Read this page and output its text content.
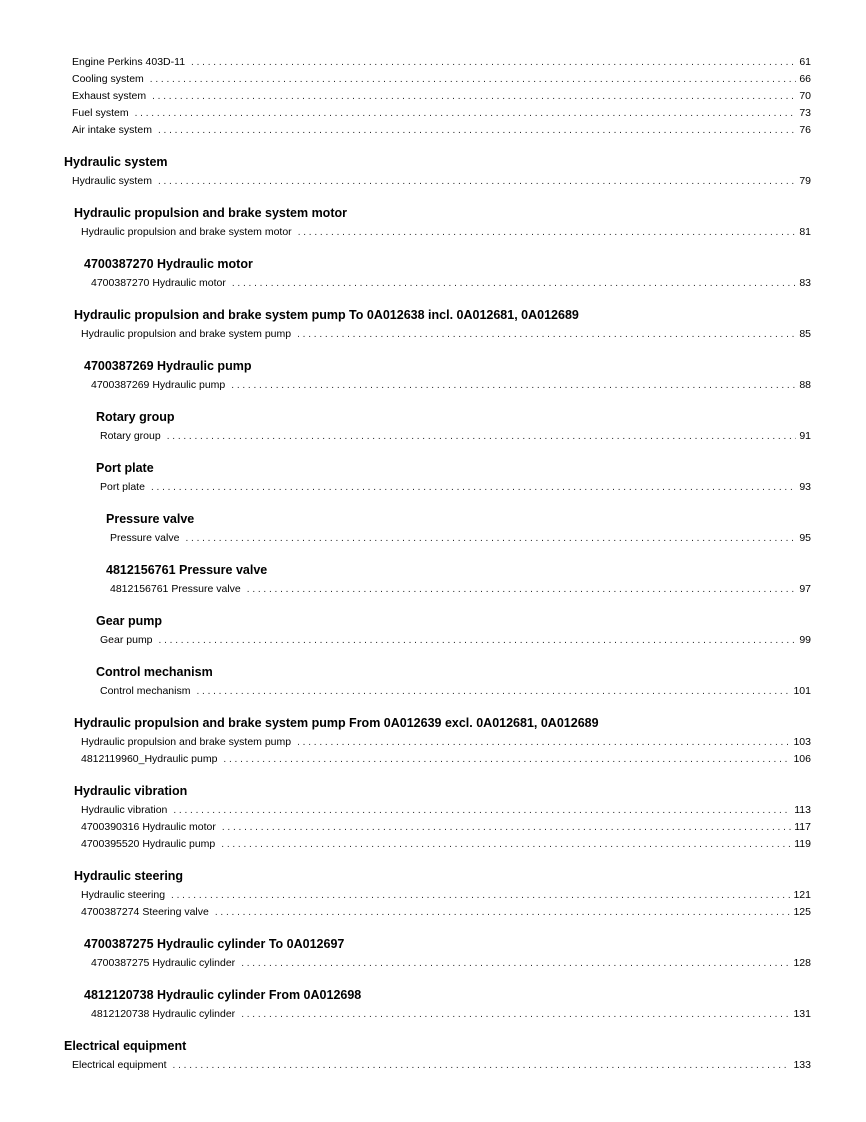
Engine Perkins 403D-11 . . .	61
Cooling system . . .	66
Exhaust system . . .	70
Fuel system . . .	73
Air intake system . . .	76
Hydraulic system
Hydraulic system . . .	79
Hydraulic propulsion and brake system motor
Hydraulic propulsion and brake system motor . . .	81
4700387270 Hydraulic motor
4700387270 Hydraulic motor . . .	83
Hydraulic propulsion and brake system pump To 0A012638 incl. 0A012681, 0A012689
Hydraulic propulsion and brake system pump . . .	85
4700387269 Hydraulic pump
4700387269 Hydraulic pump . . .	88
Rotary group
Rotary group . . .	91
Port plate
Port plate . . .	93
Pressure valve
Pressure valve . . .	95
4812156761 Pressure valve
4812156761 Pressure valve . . .	97
Gear pump
Gear pump . . .	99
Control mechanism
Control mechanism . . .	101
Hydraulic propulsion and brake system pump From 0A012639 excl. 0A012681, 0A012689
Hydraulic propulsion and brake system pump . . .	103
4812119960_Hydraulic pump . . .	106
Hydraulic vibration
Hydraulic vibration . . .	113
4700390316 Hydraulic motor . . .	117
4700395520 Hydraulic pump . . .	119
Hydraulic steering
Hydraulic steering . . .	121
4700387274 Steering valve . . .	125
4700387275 Hydraulic cylinder To 0A012697
4700387275 Hydraulic cylinder . . .	128
4812120738 Hydraulic cylinder From 0A012698
4812120738 Hydraulic cylinder . . .	131
Electrical equipment
Electrical equipment . . .	133
